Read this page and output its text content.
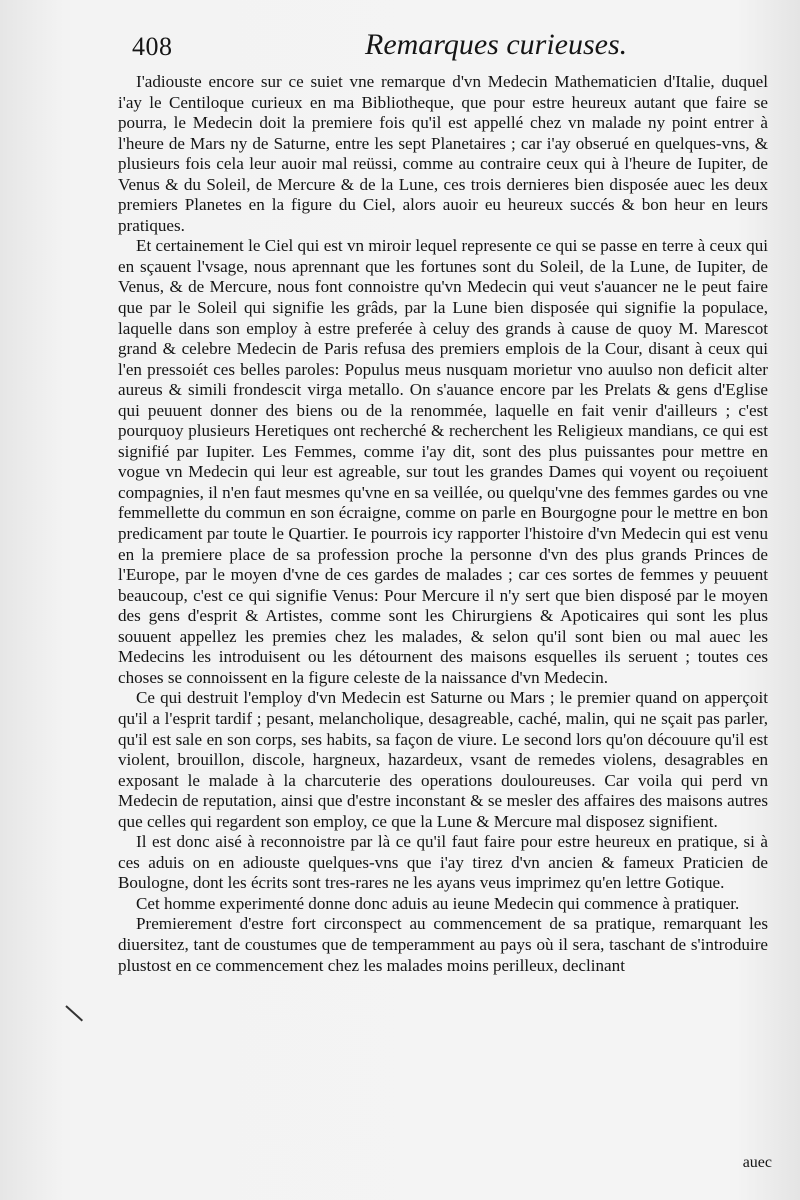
408	Remarques curieuses.

I'adiouste encore sur ce suiet vne remarque d'vn Medecin Mathematicien d'Italie, duquel i'ay le Centiloque curieux en ma Bibliotheque, que pour estre heureux autant que faire se pourra, le Medecin doit la premiere fois qu'il est appellé chez vn malade ny point entrer à l'heure de Mars ny de Saturne, entre les sept Planetaires ; car i'ay obserué en quelques-vns, & plusieurs fois cela leur auoir mal reüssi, comme au contraire ceux qui à l'heure de Iupiter, de Venus & du Soleil, de Mercure & de la Lune, ces trois dernieres bien disposée auec les deux premiers Planetes en la figure du Ciel, alors auoir eu heureux succés & bon heur en leurs pratiques.

Et certainement le Ciel qui est vn miroir lequel represente ce qui se passe en terre à ceux qui en sçauent l'vsage, nous aprennant que les fortunes sont du Soleil, de la Lune, de Iupiter, de Venus, & de Mercure, nous font connoistre qu'vn Medecin qui veut s'auancer ne le peut faire que par le Soleil qui signifie les grâds, par la Lune bien disposée qui signifie la populace, laquelle dans son employ à estre preferée à celuy des grands à cause de quoy M. Marescot grand & celebre Medecin de Paris refusa des premiers emplois de la Cour, disant à ceux qui l'en pressoiét ces belles paroles: Populus meus nusquam morietur vno auulso non deficit alter aureus & simili frondescit virga metallo. On s'auance encore par les Prelats & gens d'Eglise qui peuuent donner des biens ou de la renommée, laquelle en fait venir d'ailleurs ; c'est pourquoy plusieurs Heretiques ont recherché & recherchent les Religieux mandians, ce qui est signifié par Iupiter. Les Femmes, comme i'ay dit, sont des plus puissantes pour mettre en vogue vn Medecin qui leur est agreable, sur tout les grandes Dames qui voyent ou reçoiuent compagnies, il n'en faut mesmes qu'vne en sa veillée, ou quelqu'vne des femmes gardes ou vne femmellette du commun en son écraigne, comme on parle en Bourgogne pour le mettre en bon predicament par toute le Quartier. Ie pourrois icy rapporter l'histoire d'vn Medecin qui est venu en la premiere place de sa profession proche la personne d'vn des plus grands Princes de l'Europe, par le moyen d'vne de ces gardes de malades ; car ces sortes de femmes y peuuent beaucoup, c'est ce qui signifie Venus: Pour Mercure il n'y sert que bien disposé par le moyen des gens d'esprit & Artistes, comme sont les Chirurgiens & Apoticaires qui sont les plus souuent appellez les premies chez les malades, & selon qu'il sont bien ou mal auec les Medecins les introduisent ou les détournent des maisons esquelles ils seruent ; toutes ces choses se connoissent en la figure celeste de la naissance d'vn Medecin.

Ce qui destruit l'employ d'vn Medecin est Saturne ou Mars ; le premier quand on apperçoit qu'il a l'esprit tardif ; pesant, melancholique, desagreable, caché, malin, qui ne sçait pas parler, qu'il est sale en son corps, ses habits, sa façon de viure. Le second lors qu'on découure qu'il est violent, brouillon, discole, hargneux, hazardeux, vsant de remedes violens, desagrables en exposant le malade à la charcuterie des operations douloureuses. Car voila qui perd vn Medecin de reputation, ainsi que d'estre inconstant & se mesler des affaires des maisons autres que celles qui regardent son employ, ce que la Lune & Mercure mal disposez signifient.

Il est donc aisé à reconnoistre par là ce qu'il faut faire pour estre heureux en pratique, si à ces aduis on en adiouste quelques-vns que i'ay tirez d'vn ancien & fameux Praticien de Boulogne, dont les écrits sont tres-rares ne les ayans veus imprimez qu'en lettre Gotique.

Cet homme experimenté donne donc aduis au ieune Medecin qui commence à pratiquer.

Premierement d'estre fort circonspect au commencement de sa pratique, remarquant les diuersitez, tant de coustumes que de temperamment au pays où il sera, taschant de s'introduire plustost en ce commencement chez les malades moins perilleux, declinant

auec
